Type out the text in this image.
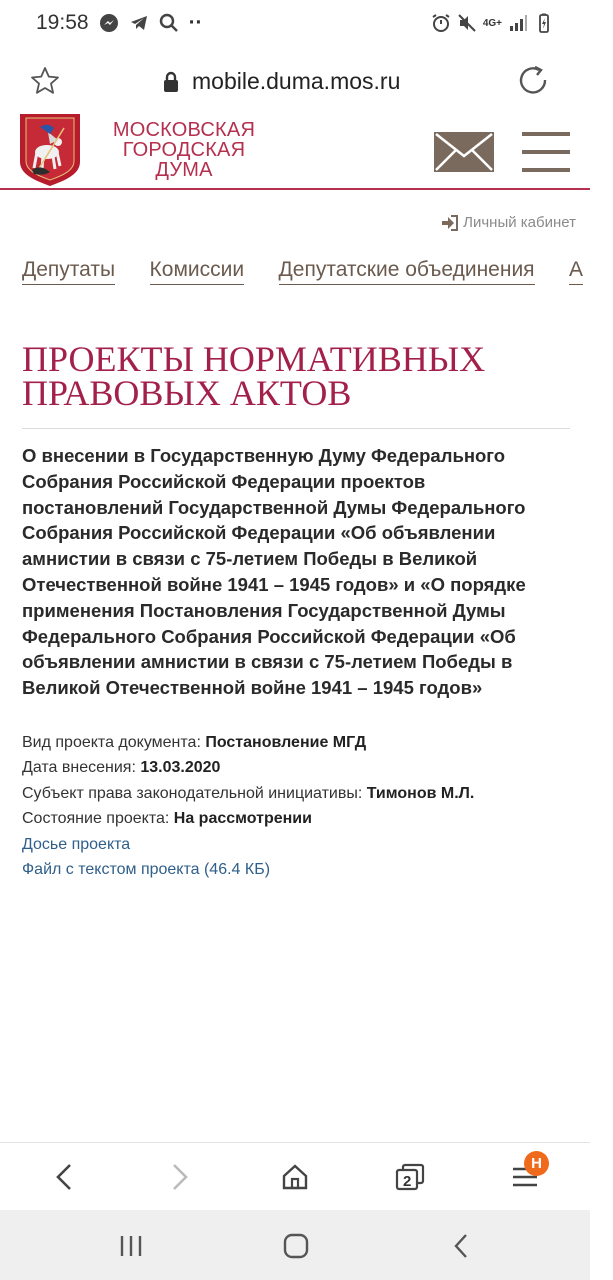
19:58	··	4G+
mobile.duma.mos.ru
МОСКОВСКАЯ
ГОРОДСКАЯ
ДУМА
Личный кабинет
Депутаты Комиссии Депутатские объединения А
ПРОЕКТЫ НОРМАТИВНЫХ ПРАВОВЫХ АКТОВ
О внесении в Государственную Думу Федерального Собрания Российской Федерации проектов постановлений Государственной Думы Федерального Собрания Российской Федерации «Об объявлении амнистии в связи с 75-летием Победы в Великой Отечественной войне 1941 – 1945 годов» и «О порядке применения Постановления Государственной Думы Федерального Собрания Российской Федерации «Об объявлении амнистии в связи с 75-летием Победы в Великой Отечественной войне 1941 – 1945 годов»
Вид проекта документа: Постановление МГД
Дата внесения: 13.03.2020
Субъект права законодательной инициативы: Тимонов М.Л.
Состояние проекта: На рассмотрении
Досье проекта
Файл с текстом проекта (46.4 КБ)
2
Н
